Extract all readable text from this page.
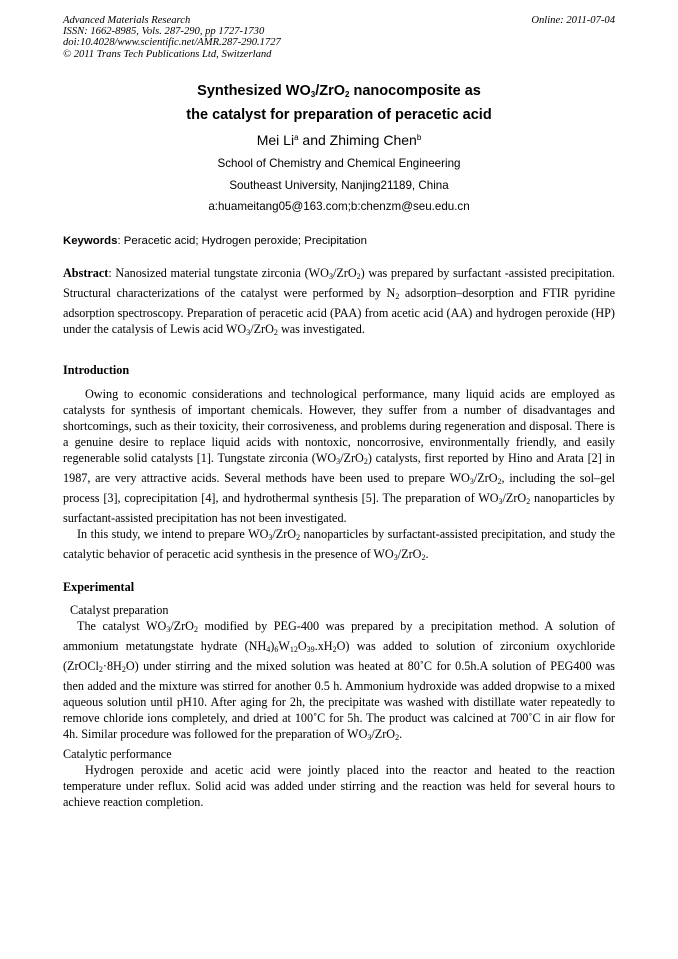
Advanced Materials Research
ISSN: 1662-8985, Vols. 287-290, pp 1727-1730
doi:10.4028/www.scientific.net/AMR.287-290.1727
© 2011 Trans Tech Publications Ltd, Switzerland
Online: 2011-07-04
Synthesized $WO_3/ZrO_2$ nanocomposite as
the catalyst for preparation of peracetic acid
Mei Li$^a$ and Zhiming Chen$^b$
School of Chemistry and Chemical Engineering
Southeast University, Nanjing21189, China
a:huameitang05@163.com;b:chenzm@seu.edu.cn
Keywords: Peracetic acid; Hydrogen peroxide; Precipitation

Abstract: Nanosized material tungstate zirconia $(WO_3/ZrO_2)$ was prepared by surfactant -assisted precipitation. Structural characterizations of the catalyst were performed by $N_2$ adsorption–desorption and FTIR pyridine adsorption spectroscopy. Preparation of peracetic acid (PAA) from acetic acid (AA) and hydrogen peroxide (HP) under the catalysis of Lewis acid $WO_3/ZrO_2$ was investigated.

Introduction

Owing to economic considerations and technological performance, many liquid acids are employed as catalysts for synthesis of important chemicals. However, they suffer from a number of disadvantages and shortcomings, such as their toxicity, their corrosiveness, and problems during regeneration and disposal. There is a genuine desire to replace liquid acids with nontoxic, noncorrosive, environmentally friendly, and easily regenerable solid catalysts [1]. Tungstate zirconia $(WO_3/ZrO_2)$ catalysts, first reported by Hino and Arata [2] in 1987, are very attractive acids. Several methods have been used to prepare $WO_3/ZrO_2$, including the sol–gel process [3], coprecipitation [4], and hydrothermal synthesis [5]. The preparation of $WO_3/ZrO_2$ nanoparticles by surfactant-assisted precipitation has not been investigated.

In this study, we intend to prepare $WO_3/ZrO_2$ nanoparticles by surfactant-assisted precipitation, and study the catalytic behavior of peracetic acid synthesis in the presence of $WO_3/ZrO_2$.

Experimental

Catalyst preparation

The catalyst $WO_3/ZrO_2$ modified by PEG-400 was prepared by a precipitation method. A solution of ammonium metatungstate hydrate $(NH_4)_6W_{12}O_{39}.xH_2O$) was added to solution of zirconium oxychloride $(ZrOCl_2\cdot 8H_2O)$ under stirring and the mixed solution was heated at 80˚C for 0.5h.A solution of PEG400 was then added and the mixture was stirred for another 0.5 h. Ammonium hydroxide was added dropwise to a mixed aqueous solution until pH10. After aging for 2h, the precipitate was washed with distillate water repeatedly to remove chloride ions completely, and dried at 100˚C for 5h. The product was calcined at 700˚C in air flow for 4h. Similar procedure was followed for the preparation of $WO_3/ZrO_2$.

Catalytic performance

Hydrogen peroxide and acetic acid were jointly placed into the reactor and heated to the reaction temperature under reflux. Solid acid was added under stirring and the reaction was held for several hours to achieve reaction completion.
